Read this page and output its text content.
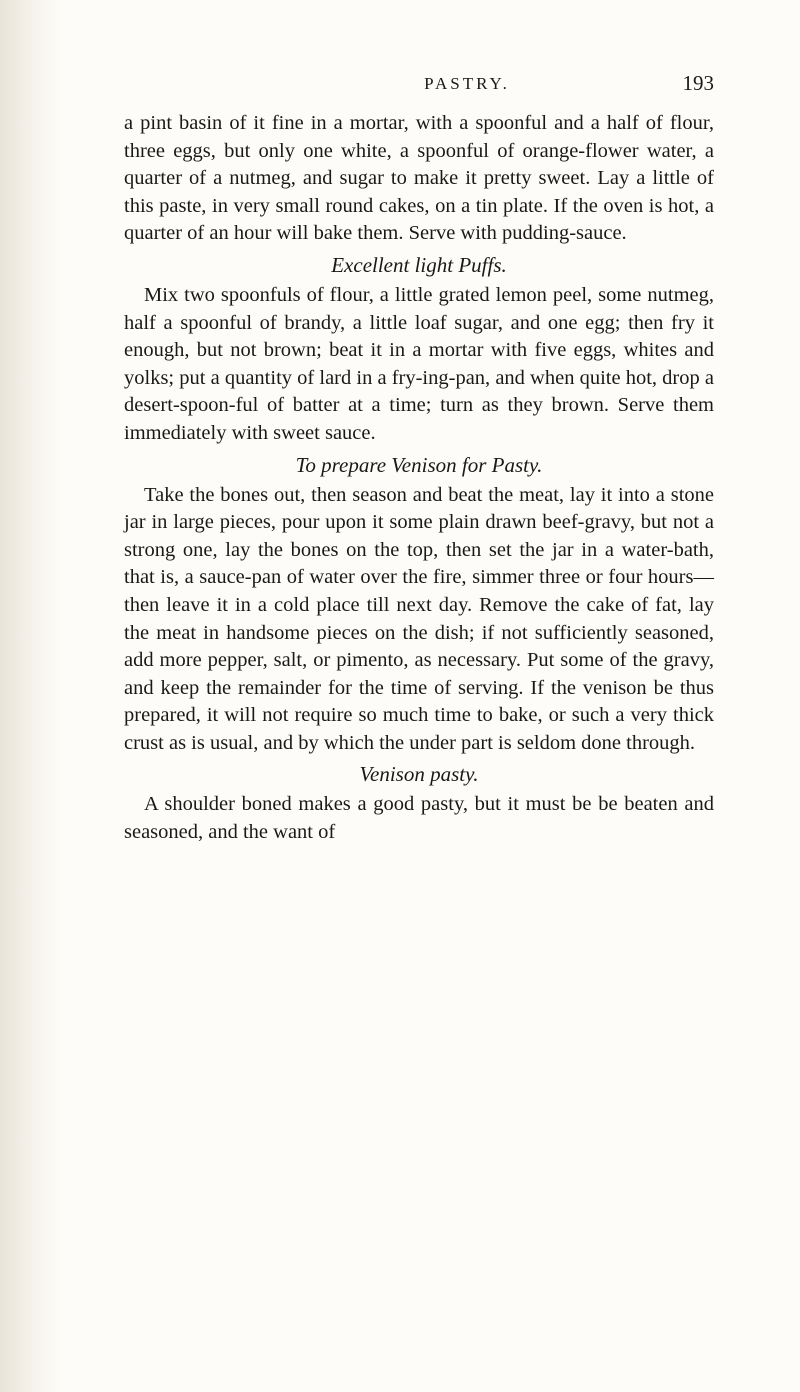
PASTRY.	193

a pint basin of it fine in a mortar, with a spoonful and a half of flour, three eggs, but only one white, a spoonful of orange-flower water, a quarter of a nutmeg, and sugar to make it pretty sweet. Lay a little of this paste, in very small round cakes, on a tin plate. If the oven is hot, a quarter of an hour will bake them. Serve with pudding-sauce.

Excellent light Puffs.

Mix two spoonfuls of flour, a little grated lemon peel, some nutmeg, half a spoonful of brandy, a little loaf sugar, and one egg; then fry it enough, but not brown; beat it in a mortar with five eggs, whites and yolks; put a quantity of lard in a fry-ing-pan, and when quite hot, drop a desert-spoon-ful of batter at a time; turn as they brown. Serve them immediately with sweet sauce.

To prepare Venison for Pasty.

Take the bones out, then season and beat the meat, lay it into a stone jar in large pieces, pour upon it some plain drawn beef-gravy, but not a strong one, lay the bones on the top, then set the jar in a water-bath, that is, a sauce-pan of water over the fire, simmer three or four hours—then leave it in a cold place till next day. Remove the cake of fat, lay the meat in handsome pieces on the dish; if not sufficiently seasoned, add more pepper, salt, or pimento, as necessary. Put some of the gravy, and keep the remainder for the time of serving. If the venison be thus prepared, it will not require so much time to bake, or such a very thick crust as is usual, and by which the under part is seldom done through.

Venison pasty.

A shoulder boned makes a good pasty, but it must be be beaten and seasoned, and the want of
